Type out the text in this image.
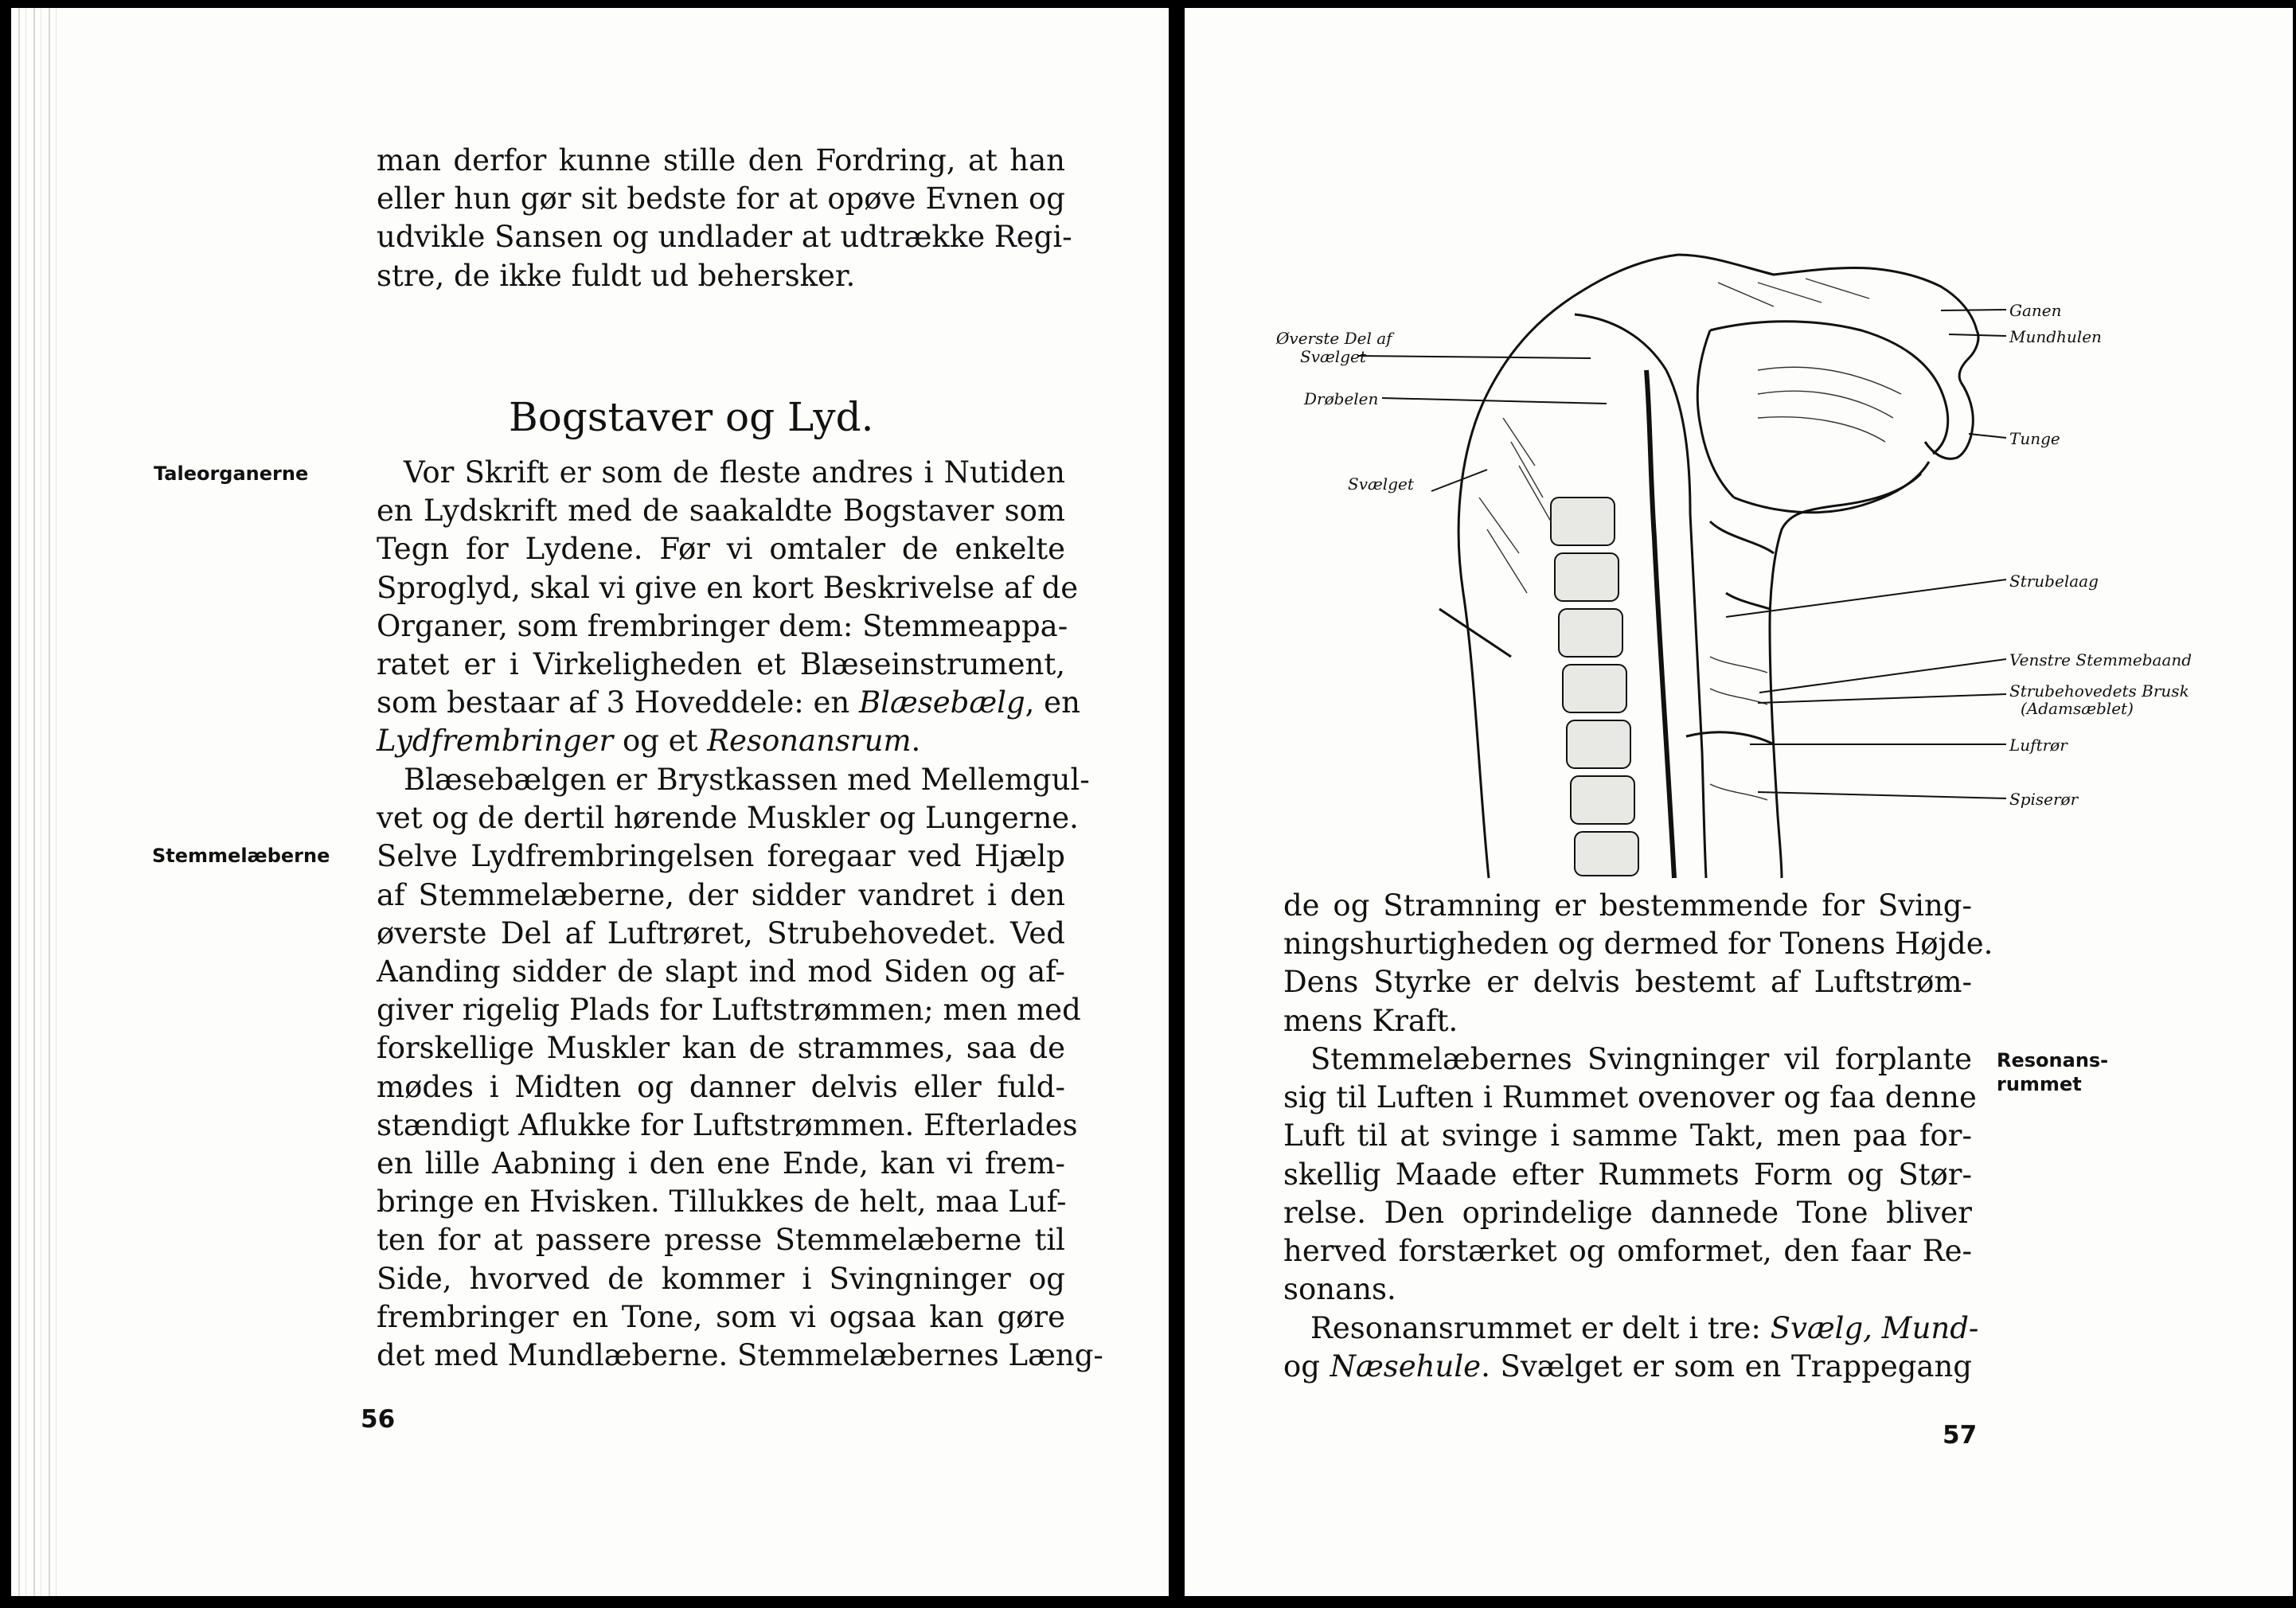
man derfor kunne stille den Fordring, at han
eller hun gør sit bedste for at opøve Evnen og
udvikle Sansen og undlader at udtrække Regi-
stre, de ikke fuldt ud behersker.
Bogstaver og Lyd.
Taleorganerne
Stemmelæberne
Vor Skrift er som de fleste andres i Nutiden
en Lydskrift med de saakaldte Bogstaver som
Tegn for Lydene. Før vi omtaler de enkelte
Sproglyd, skal vi give en kort Beskrivelse af de
Organer, som frembringer dem: Stemmeappa-
ratet er i Virkeligheden et Blæseinstrument,
som bestaar af 3 Hoveddele: en Blæsebælg, en
Lydfrembringer og et Resonansrum.
Blæsebælgen er Brystkassen med Mellemgul-
vet og de dertil hørende Muskler og Lungerne.
Selve Lydfrembringelsen foregaar ved Hjælp
af Stemmelæberne, der sidder vandret i den
øverste Del af Luftrøret, Strubehovedet. Ved
Aanding sidder de slapt ind mod Siden og af-
giver rigelig Plads for Luftstrømmen; men med
forskellige Muskler kan de strammes, saa de
mødes i Midten og danner delvis eller fuld-
stændigt Aflukke for Luftstrømmen. Efterlades
en lille Aabning i den ene Ende, kan vi frem-
bringe en Hvisken. Tillukkes de helt, maa Luf-
ten for at passere presse Stemmelæberne til
Side, hvorved de kommer i Svingninger og
frembringer en Tone, som vi ogsaa kan gøre
det med Mundlæberne. Stemmelæbernes Læng-
56
Øverste Del af
Svælget
Drøbelen
Svælget
Ganen
Mundhulen
Tunge
Strubelaag
Venstre Stemmebaand
Strubehovedets Brusk
(Adamsæblet)
Luftrør
Spiserør
de og Stramning er bestemmende for Sving-
ningshurtigheden og dermed for Tonens Højde.
Dens Styrke er delvis bestemt af Luftstrøm-
mens Kraft.
Stemmelæbernes Svingninger vil forplante
sig til Luften i Rummet ovenover og faa denne
Luft til at svinge i samme Takt, men paa for-
skellig Maade efter Rummets Form og Stør-
relse. Den oprindelige dannede Tone bliver
herved forstærket og omformet, den faar Re-
sonans.
Resonans-
rummet
Resonansrummet er delt i tre: Svælg, Mund-
og Næsehule. Svælget er som en Trappegang
57
